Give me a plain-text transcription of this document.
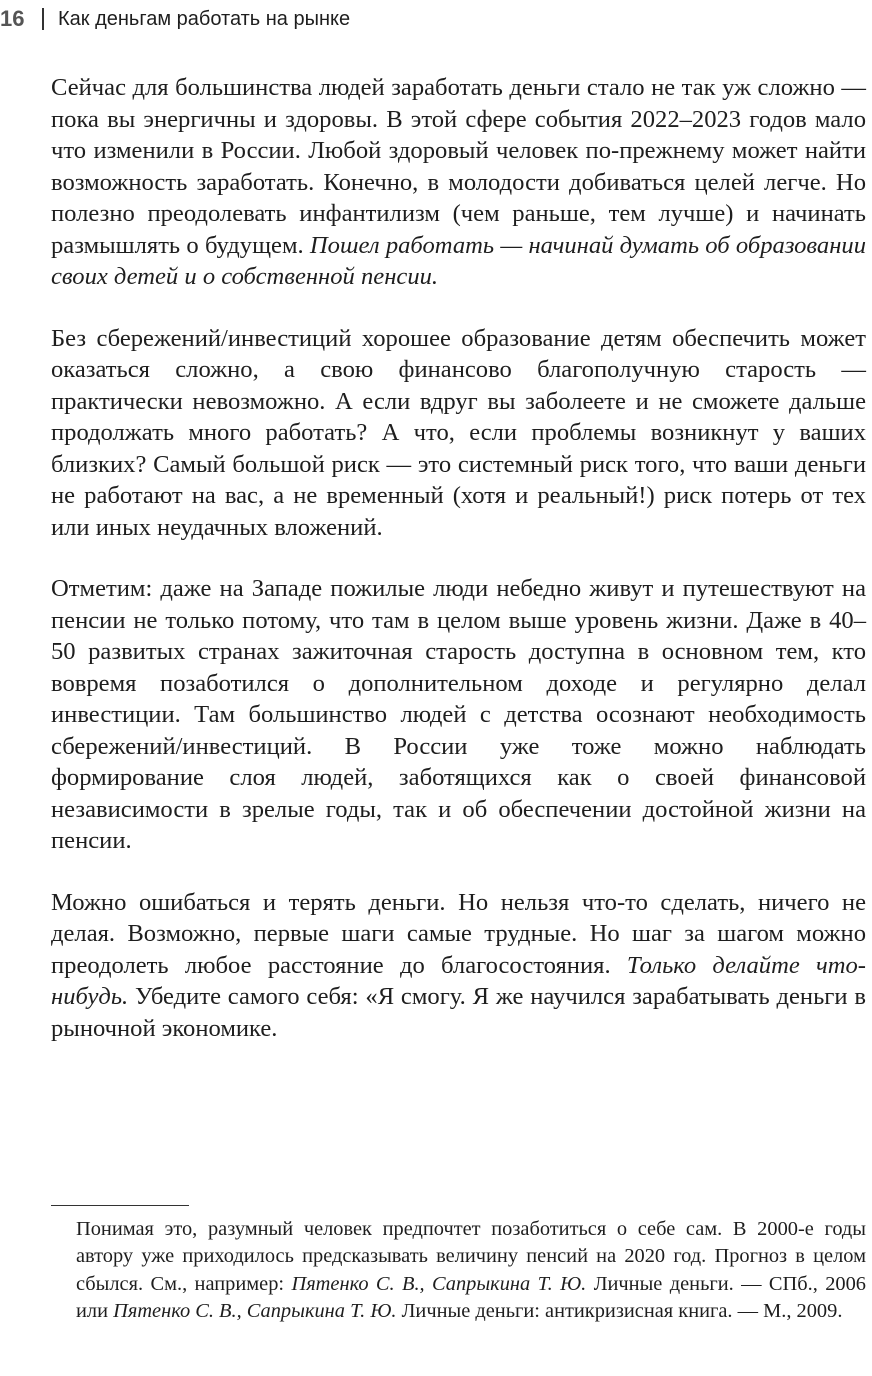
16 Как деньгам работать на рынке

Сейчас для большинства людей заработать деньги стало не так уж сложно — пока вы энергичны и здоровы. В этой сфере события 2022–2023 годов мало что изменили в России. Любой здоровый человек по-прежнему может найти возможность заработать. Конечно, в молодости добиваться целей легче. Но полезно преодолевать инфантилизм (чем раньше, тем лучше) и начинать размышлять о будущем. Пошел работать — начинай думать об образовании своих детей и о собственной пенсии.

Без сбережений/инвестиций хорошее образование детям обеспечить может оказаться сложно, а свою финансово благополучную старость — практически невозможно. А если вдруг вы заболеете и не сможете дальше продолжать много работать? А что, если проблемы возникнут у ваших близких? Самый большой риск — это системный риск того, что ваши деньги не работают на вас, а не временный (хотя и реальный!) риск потерь от тех или иных неудачных вложений.

Отметим: даже на Западе пожилые люди небедно живут и путешествуют на пенсии не только потому, что там в целом выше уровень жизни. Даже в 40–50 развитых странах зажиточная старость доступна в основном тем, кто вовремя позаботился о дополнительном доходе и регулярно делал инвестиции. Там большинство людей с детства осознают необходимость сбережений/инвестиций. В России уже тоже можно наблюдать формирование слоя людей, заботящихся как о своей финансовой независимости в зрелые годы, так и об обеспечении достойной жизни на пенсии.

Можно ошибаться и терять деньги. Но нельзя что-то сделать, ничего не делая. Возможно, первые шаги самые трудные. Но шаг за шагом можно преодолеть любое расстояние до благосостояния. Только делайте что-нибудь. Убедите самого себя: «Я смогу. Я же научился зарабатывать деньги в рыночной экономике.

Понимая это, разумный человек предпочтет позаботиться о себе сам. В 2000-е годы автору уже приходилось предсказывать величину пенсий на 2020 год. Прогноз в целом сбылся. См., например: Пятенко С. В., Сапрыкина Т. Ю. Личные деньги. — СПб., 2006 или Пятенко С. В., Сапрыкина Т. Ю. Личные деньги: антикризисная книга. — М., 2009.
